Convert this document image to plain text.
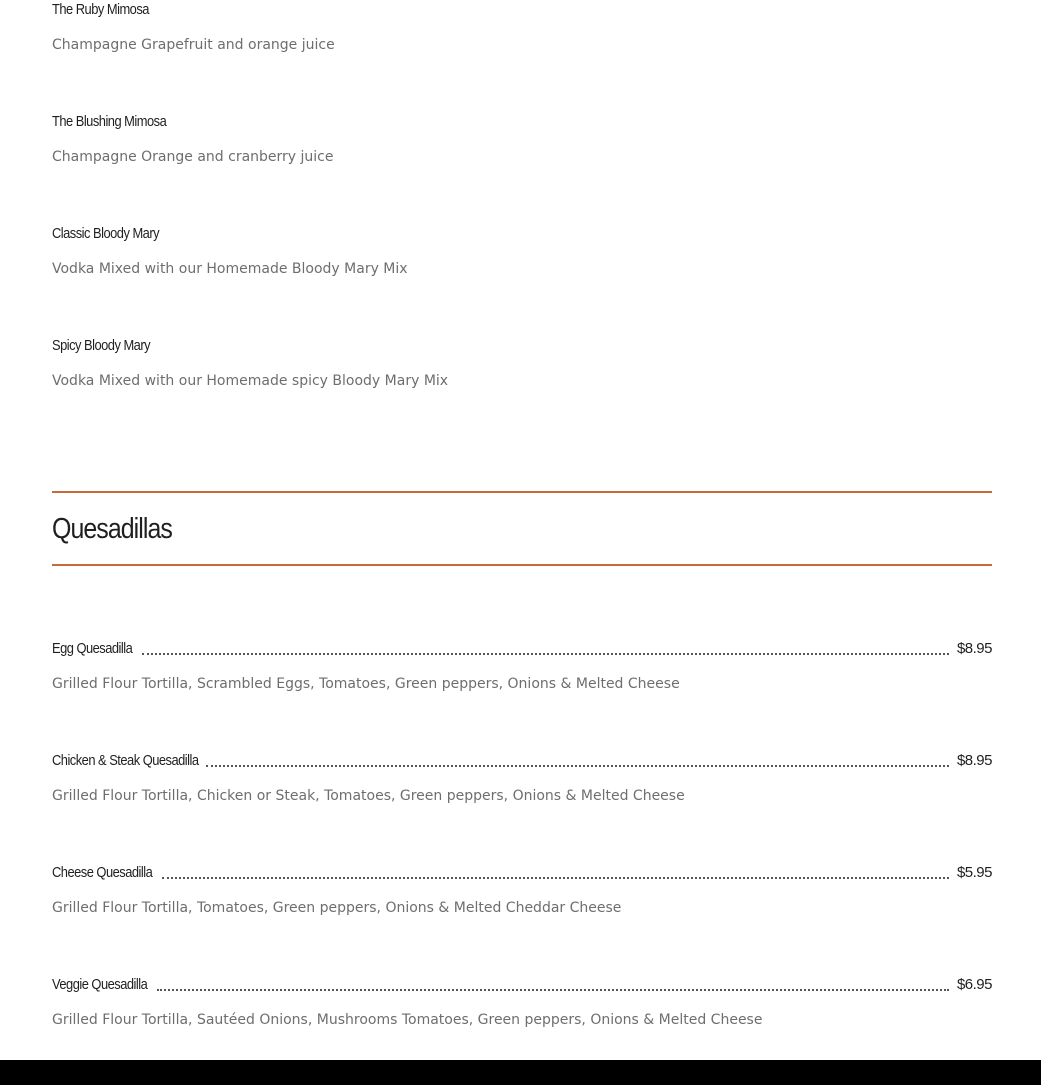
The Ruby Mimosa
Champagne Grapefruit and orange juice
The Blushing Mimosa
Champagne Orange and cranberry juice
Classic Bloody Mary
Vodka Mixed with our Homemade Bloody Mary Mix
Spicy Bloody Mary
Vodka Mixed with our Homemade spicy Bloody Mary Mix
Quesadillas
Egg Quesadilla	$8.95
Grilled Flour Tortilla, Scrambled Eggs, Tomatoes, Green peppers, Onions & Melted Cheese
Chicken & Steak Quesadilla	$8.95
Grilled Flour Tortilla, Chicken or Steak, Tomatoes, Green peppers, Onions & Melted Cheese
Cheese Quesadilla	$5.95
Grilled Flour Tortilla, Tomatoes, Green peppers, Onions & Melted Cheddar Cheese
Veggie Quesadilla	$6.95
Grilled Flour Tortilla, Sautéed Onions, Mushrooms Tomatoes, Green peppers, Onions & Melted Cheese
